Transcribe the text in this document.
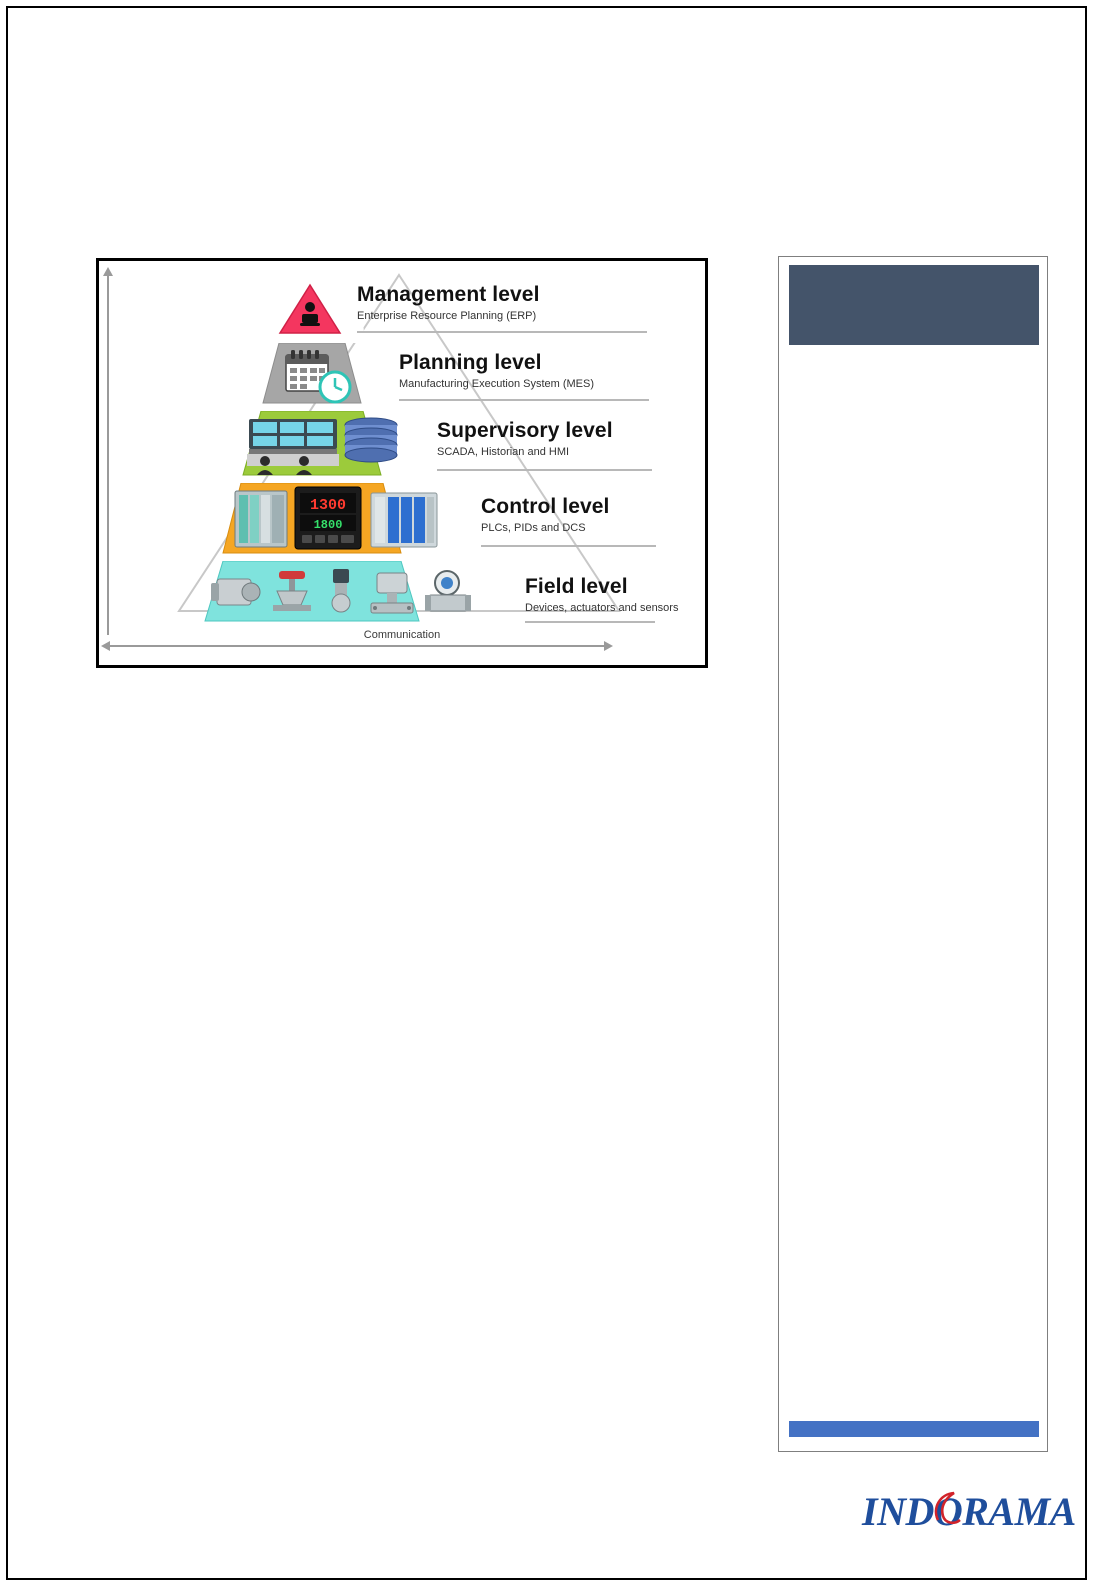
Management level
Enterprise Resource Planning (ERP)
Planning level
Manufacturing Execution System (MES)
Supervisory level
SCADA, Historian and HMI
1300
1800
Control level
PLCs, PIDs and DCS
Field level
Devices, actuators and sensors
Communication
INDORAMA
